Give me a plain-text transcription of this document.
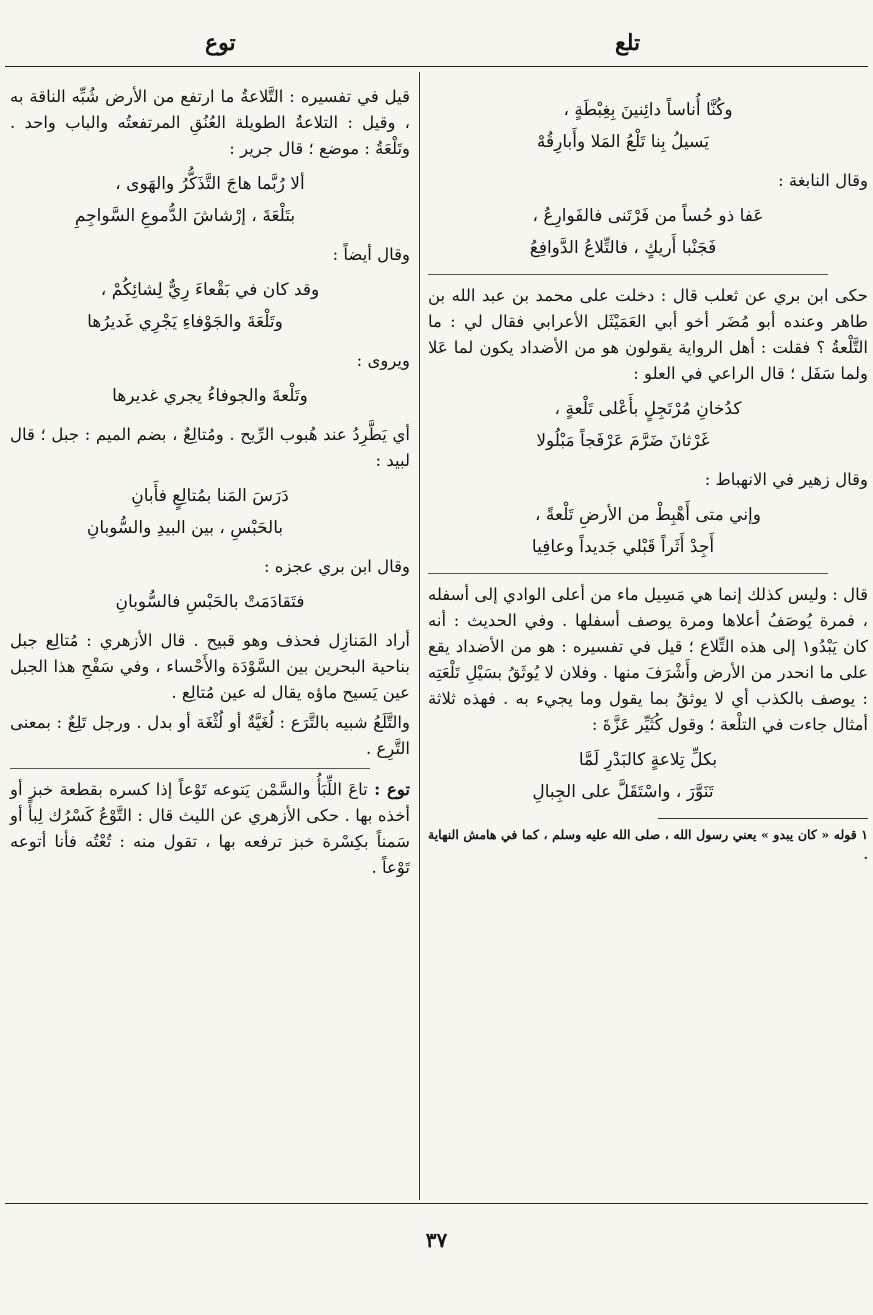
توع	تلع
وكُنَّا أُناساً دائِنينَ بِغِبْطَةٍ ،
يَسيلُ بِنا تَلْعُ المَلا وأَبارِقُهْ

وقال النابغة :

عَفا ذو حُساً من فَرْتَنى فالفَوارِعُ ،
فَجَنْبا أَريكٍ ، فالتِّلاعُ الدَّوافِعُ

حكى ابن بري عن ثعلب قال : دخلت على محمد بن عبد الله بن طاهر وعنده أبو مُضَر أخو أبي العَمَيْثَل الأعرابي فقال لي : ما التَّلْعةُ ؟ فقلت : أهل الرواية يقولون هو من الأضداد يكون لما عَلا ولما سَفَل ؛ قال الراعي في العلو :

كدُخانِ مُرْتَجِلٍ بأَعْلى تَلْعةٍ ،
غَرْثانَ ضَرَّمَ عَرْفَجاً مَبْلُولا

وقال زهير في الانهباط :

وإني متى أَهْبِطْ من الأرضِ تَلْعةً ،
أَجِدْ أَثَراً قَبْلي جَديداً وعافِيا

قال : وليس كذلك إنما هي مَسِيل ماء من أعلى الوادي إلى أسفله ، فمرة يُوصَفُ أعلاها ومرة يوصف أسفلها . وفي الحديث : أنه كان يَبْدُو١ إلى هذه التِّلاع ؛ قيل في تفسيره : هو من الأضداد يقع على ما انحدر من الأرض وأَشْرَفَ منها . وفلان لا يُوثَقُ بسَيْلِ تَلْعَتِه : يوصف بالكذب أي لا يوثقُ بما يقول وما يجيء به . فهذه ثلاثة أمثال جاءت في التلْعة ؛ وقول كُثَيِّر عَزَّةَ :

بكلِّ تِلاعةٍ كالبَدْرِ لَمَّا
تَنَوَّرَ ، واسْتَقَلَّ على الجِبالِ

١ قوله « كان يبدو » يعني رسول الله ، صلى الله عليه وسلم ، كما في هامش النهاية .

قيل في تفسيره : التَّلاعةُ ما ارتفع من الأرض شُبِّه الناقة به ، وقيل : التلاعةُ الطويلة العُنُقِ المرتفعتُه والباب واحد . وتَلْعَةُ : موضع ؛ قال جرير :

ألا رُبَّما هاجَ التَّذَكُّرُ والهَوى ،
بتَلْعَةَ ، إرْشاشَ الدُّموعِ السَّواجِمِ

وقال أيضاً :

وقد كان في بَقْعاءَ رِيٌّ لِشائِكُمْ ،
وتَلْعَةَ والجَوْفاءِ يَجْرِي غَديرُها

ويروى :

وتَلْعةَ والجوفاءُ يجري غديرها

أي يَطَّرِدُ عند هُبوب الرِّيح . ومُتالِعٌ ، بضم الميم : جبل ؛ قال لبيد :

دَرَسَ المَنا بمُتالِعٍ فأَبانِ
بالحَبْسِ ، بين البيدِ والسُّوبانِ

وقال ابن بري عجزه :

فتَقادَمَتْ بالحَبْسِ فالسُّوبانِ

أراد المَنازِل فحذف وهو قبيح . قال الأزهري : مُتالِع جبل بناحية البحرين بين السَّوْدَة والأَحْساء ، وفي سَفْحِ هذا الجبل عين يَسيح ماؤه يقال له عين مُتالِع .

والتَّلَعُ شبيه بالتَّرَع : لُغَيَّةٌ أو لُثْغَة أو بدل . ورجل تَلِعٌ : بمعنى التَّرِع .

توع : تاعَ اللِّبَأُ والسَّمْن يَتوعه تَوْعاً إذا كسره بقطعة خبز أو أخذه بها . حكى الأزهري عن الليث قال : التَّوْعُ كَسْرُك لِبأً أو سَمناً بكِسْرة خبز ترفعه بها ، تقول منه : تُعْتُه فأنا أتوعه تَوْعاً .

٣٧
